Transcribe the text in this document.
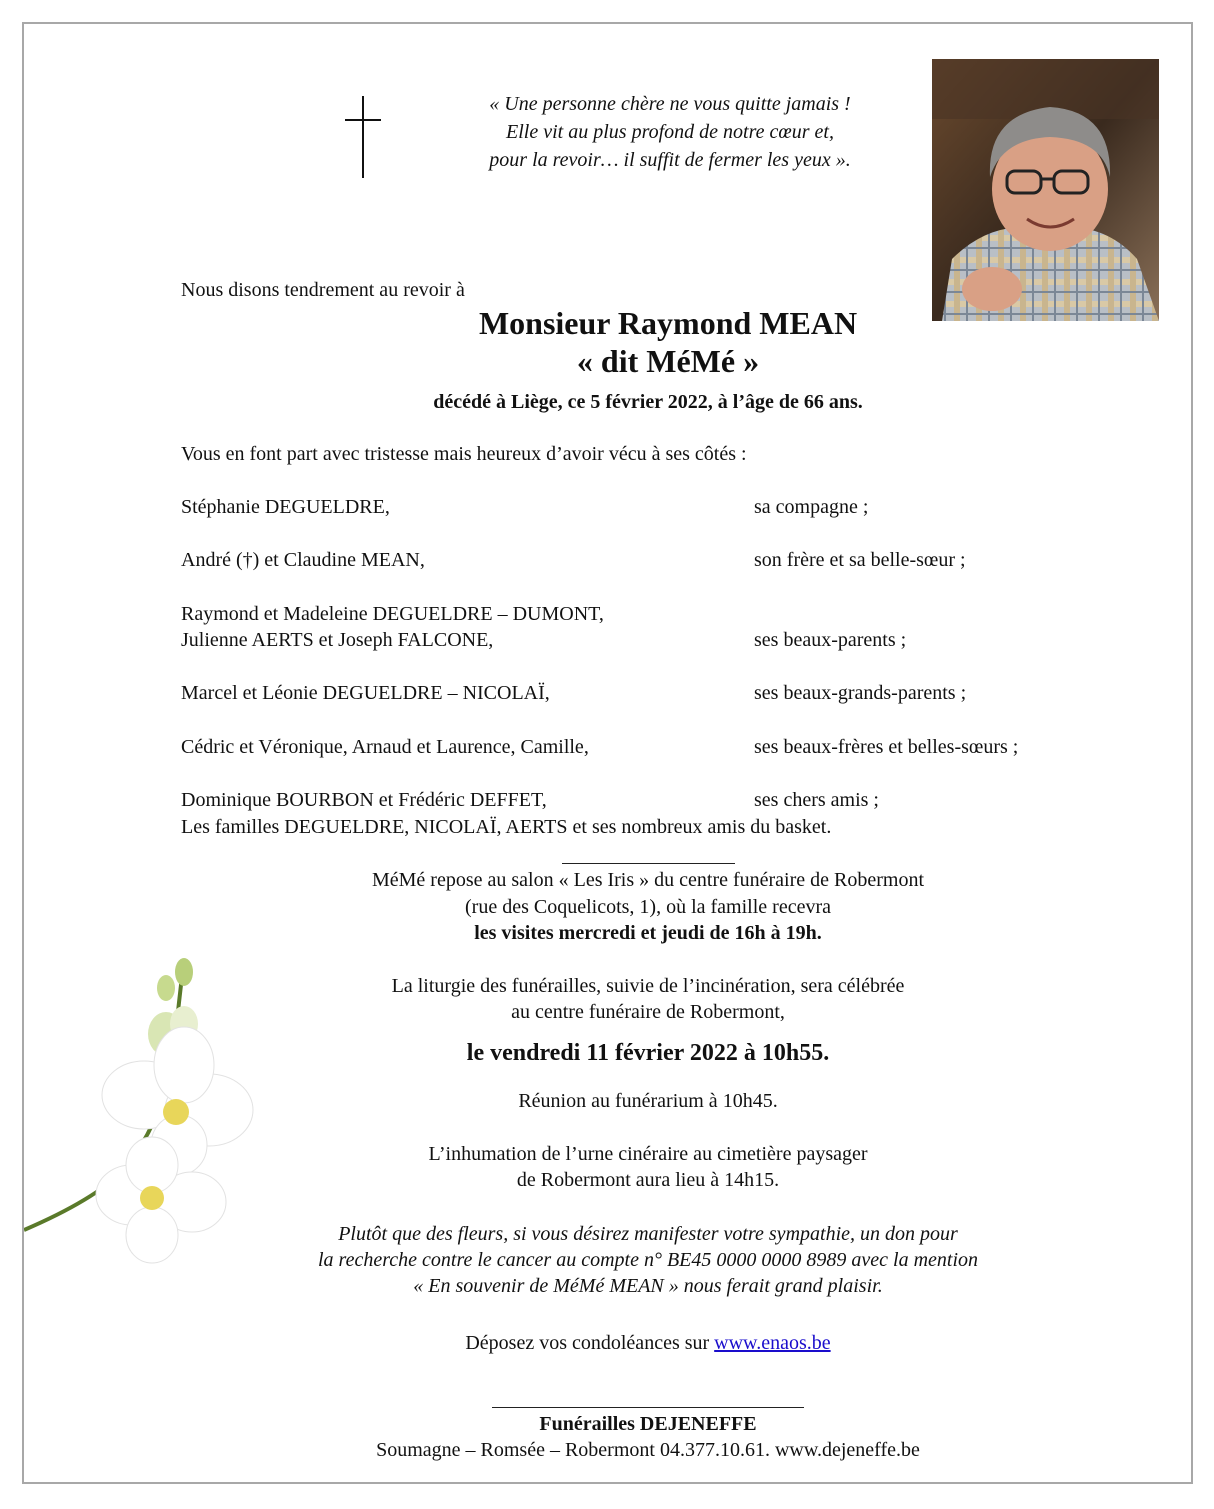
« Une personne chère ne vous quitte jamais !
Elle vit au plus profond de notre cœur et,
pour la revoir… il suffit de fermer les yeux ».
Nous disons tendrement au revoir à
Monsieur Raymond MEAN
« dit MéMé »
décédé à Liège, ce 5 février 2022, à l’âge de 66 ans.
Vous en font part avec tristesse mais heureux d’avoir vécu à ses côtés :
Stéphanie DEGUELDRE,	sa compagne ;
André (†) et Claudine MEAN,	son frère et sa belle-sœur ;
Raymond et Madeleine DEGUELDRE – DUMONT,
Julienne AERTS et Joseph FALCONE,	ses beaux-parents ;
Marcel et Léonie DEGUELDRE – NICOLAÏ,	ses beaux-grands-parents ;
Cédric et Véronique, Arnaud et Laurence, Camille,	ses beaux-frères et belles-sœurs ;
Dominique BOURBON et Frédéric DEFFET,	ses chers amis ;
Les familles DEGUELDRE, NICOLAÏ, AERTS et ses nombreux amis du basket.
MéMé repose au salon « Les Iris » du centre funéraire de Robermont
(rue des Coquelicots, 1), où la famille recevra
les visites mercredi et jeudi de 16h à 19h.
La liturgie des funérailles, suivie de l’incinération, sera célébrée
au centre funéraire de Robermont,
le vendredi 11 février 2022 à 10h55.
Réunion au funérarium à 10h45.
L’inhumation de l’urne cinéraire au cimetière paysager
de Robermont aura lieu à 14h15.
Plutôt que des fleurs, si vous désirez manifester votre sympathie, un don pour
la recherche contre le cancer au compte n° BE45 0000 0000 8989 avec la mention
« En souvenir de MéMé MEAN » nous ferait grand plaisir.
Déposez vos condoléances sur www.enaos.be
Funérailles DEJENEFFE
Soumagne – Romsée – Robermont 04.377.10.61. www.dejeneffe.be
